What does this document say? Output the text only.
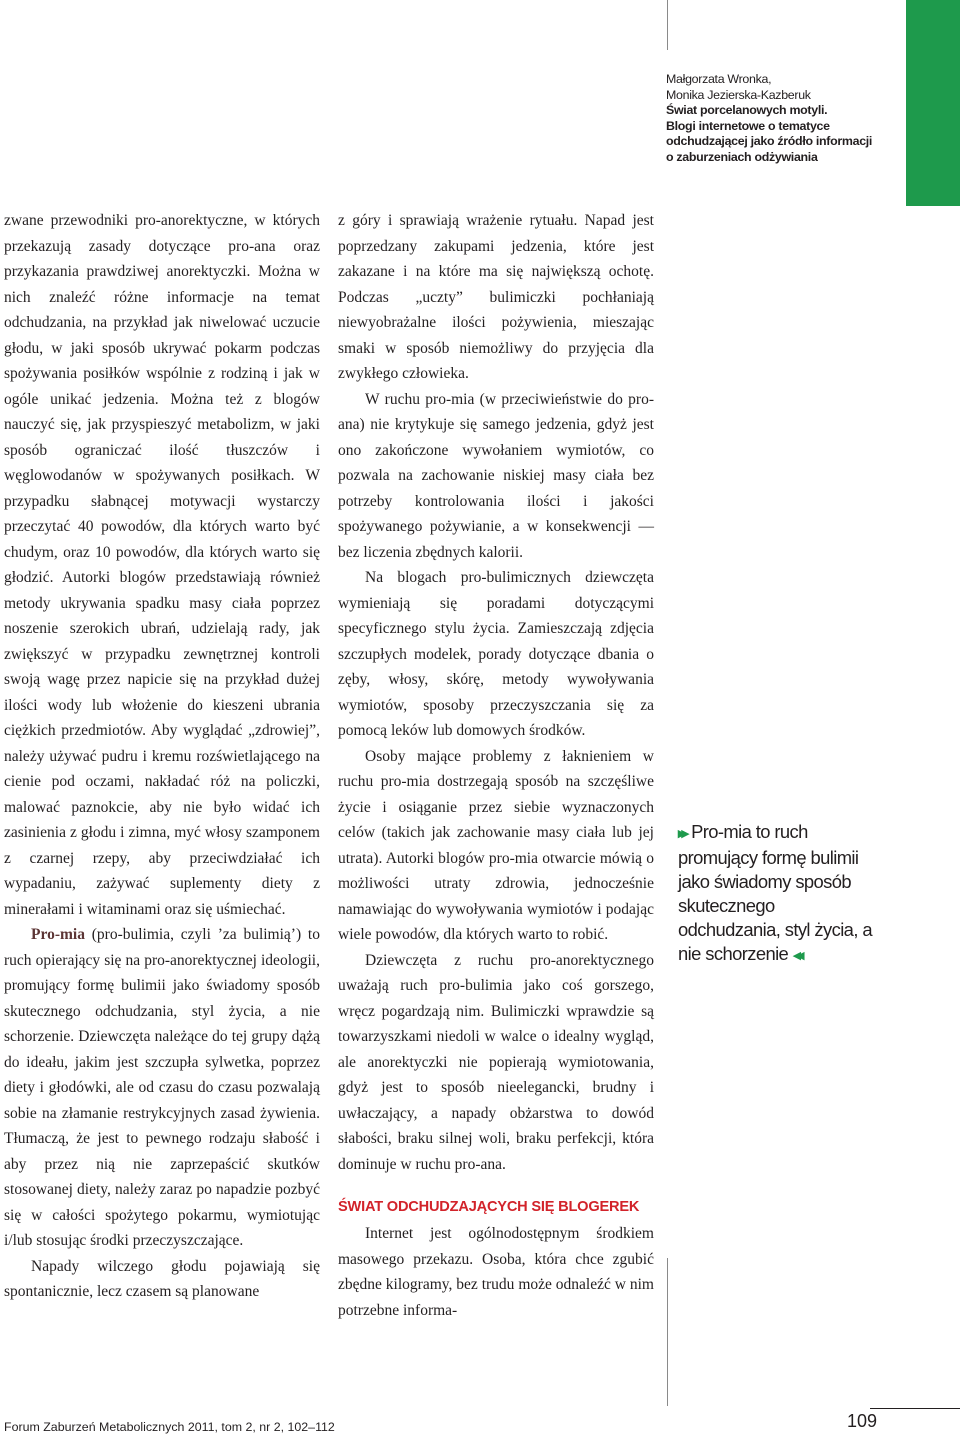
Małgorzata Wronka,
Monika Jezierska-Kazberuk
Świat porcelanowych motyli.
Blogi internetowe o tematyce
odchudzającej jako źródło informacji
o zaburzeniach odżywiania

zwane przewodniki pro-anorektyczne, w których przekazują zasady dotyczące pro-ana oraz przykazania prawdziwej anorektyczki. Można w nich znaleźć różne informacje na temat odchudzania, na przykład jak niwelować uczucie głodu, w jaki sposób ukrywać pokarm podczas spożywania posiłków wspólnie z rodziną i jak w ogóle unikać jedzenia. Można też z blogów nauczyć się, jak przyspieszyć metabolizm, w jaki sposób ograniczać ilość tłuszczów i węglowodanów w spożywanych posiłkach. W przypadku słabnącej motywacji wystarczy przeczytać 40 powodów, dla których warto być chudym, oraz 10 powodów, dla których warto się głodzić. Autorki blogów przedstawiają również metody ukrywania spadku masy ciała poprzez noszenie szerokich ubrań, udzielają rady, jak zwiększyć w przypadku zewnętrznej kontroli swoją wagę przez napicie się na przykład dużej ilości wody lub włożenie do kieszeni ubrania ciężkich przedmiotów. Aby wyglądać „zdrowiej”, należy używać pudru i kremu rozświetlającego na cienie pod oczami, nakładać róż na policzki, malować paznokcie, aby nie było widać ich zasinienia z głodu i zimna, myć włosy szamponem z czarnej rzepy, aby przeciwdziałać ich wypadaniu, zażywać suplementy diety z minerałami i witaminami oraz się uśmiechać.

Pro-mia (pro-bulimia, czyli ’za bulimią’) to ruch opierający się na pro-anorektycznej ideologii, promujący formę bulimii jako świadomy sposób skutecznego odchudzania, styl życia, a nie schorzenie. Dziewczęta należące do tej grupy dążą do ideału, jakim jest szczupła sylwetka, poprzez diety i głodówki, ale od czasu do czasu pozwalają sobie na złamanie restrykcyjnych zasad żywienia. Tłumaczą, że jest to pewnego rodzaju słabość i aby przez nią nie zaprzepaścić skutków stosowanej diety, należy zaraz po napadzie pozbyć się w całości spożytego pokarmu, wymiotując i/lub stosując środki przeczyszczające.

Napady wilczego głodu pojawiają się spontanicznie, lecz czasem są planowane

z góry i sprawiają wrażenie rytuału. Napad jest poprzedzany zakupami jedzenia, które jest zakazane i na które ma się największą ochotę. Podczas „uczty” bulimiczki pochłaniają niewyobrażalne ilości pożywienia, mieszając smaki w sposób niemożliwy do przyjęcia dla zwykłego człowieka.

W ruchu pro-mia (w przeciwieństwie do pro-ana) nie krytykuje się samego jedzenia, gdyż jest ono zakończone wywołaniem wymiotów, co pozwala na zachowanie niskiej masy ciała bez potrzeby kontrolowania ilości i jakości spożywanego pożywianie, a w konsekwencji — bez liczenia zbędnych kalorii.

Na blogach pro-bulimicznych dziewczęta wymieniają się poradami dotyczącymi specyficznego stylu życia. Zamieszczają zdjęcia szczupłych modelek, porady dotyczące dbania o zęby, włosy, skórę, metody wywoływania wymiotów, sposoby przeczyszczania się za pomocą leków lub domowych środków.

Osoby mające problemy z łaknieniem w ruchu pro-mia dostrzegają sposób na szczęśliwe życie i osiąganie przez siebie wyznaczonych celów (takich jak zachowanie masy ciała lub jej utrata). Autorki blogów pro-mia otwarcie mówią o możliwości utraty zdrowia, jednocześnie namawiając do wywoływania wymiotów i podając wiele powodów, dla których warto to robić.

Dziewczęta z ruchu pro-anorektycznego uważają ruch pro-bulimia jako coś gorszego, wręcz pogardzają nim. Bulimiczki wprawdzie są towarzyszkami niedoli w walce o idealny wygląd, ale anorektyczki nie popierają wymiotowania, gdyż jest to sposób nieelegancki, brudny i uwłaczający, a napady obżarstwa to dowód słabości, braku silnej woli, braku perfekcji, która dominuje w ruchu pro-ana.

ŚWIAT ODCHUDZAJĄCYCH SIĘ BLOGEREK

Internet jest ogólnodostępnym środkiem masowego przekazu. Osoba, która chce zgubić zbędne kilogramy, bez trudu może odnaleźć w nim potrzebne informa-

▸▸ Pro-mia to ruch promujący formę bulimii jako świadomy sposób skutecznego odchudzania, styl życia, a nie schorzenie ◂◂
Forum Zaburzeń Metabolicznych 2011, tom 2, nr 2, 102–112	109
